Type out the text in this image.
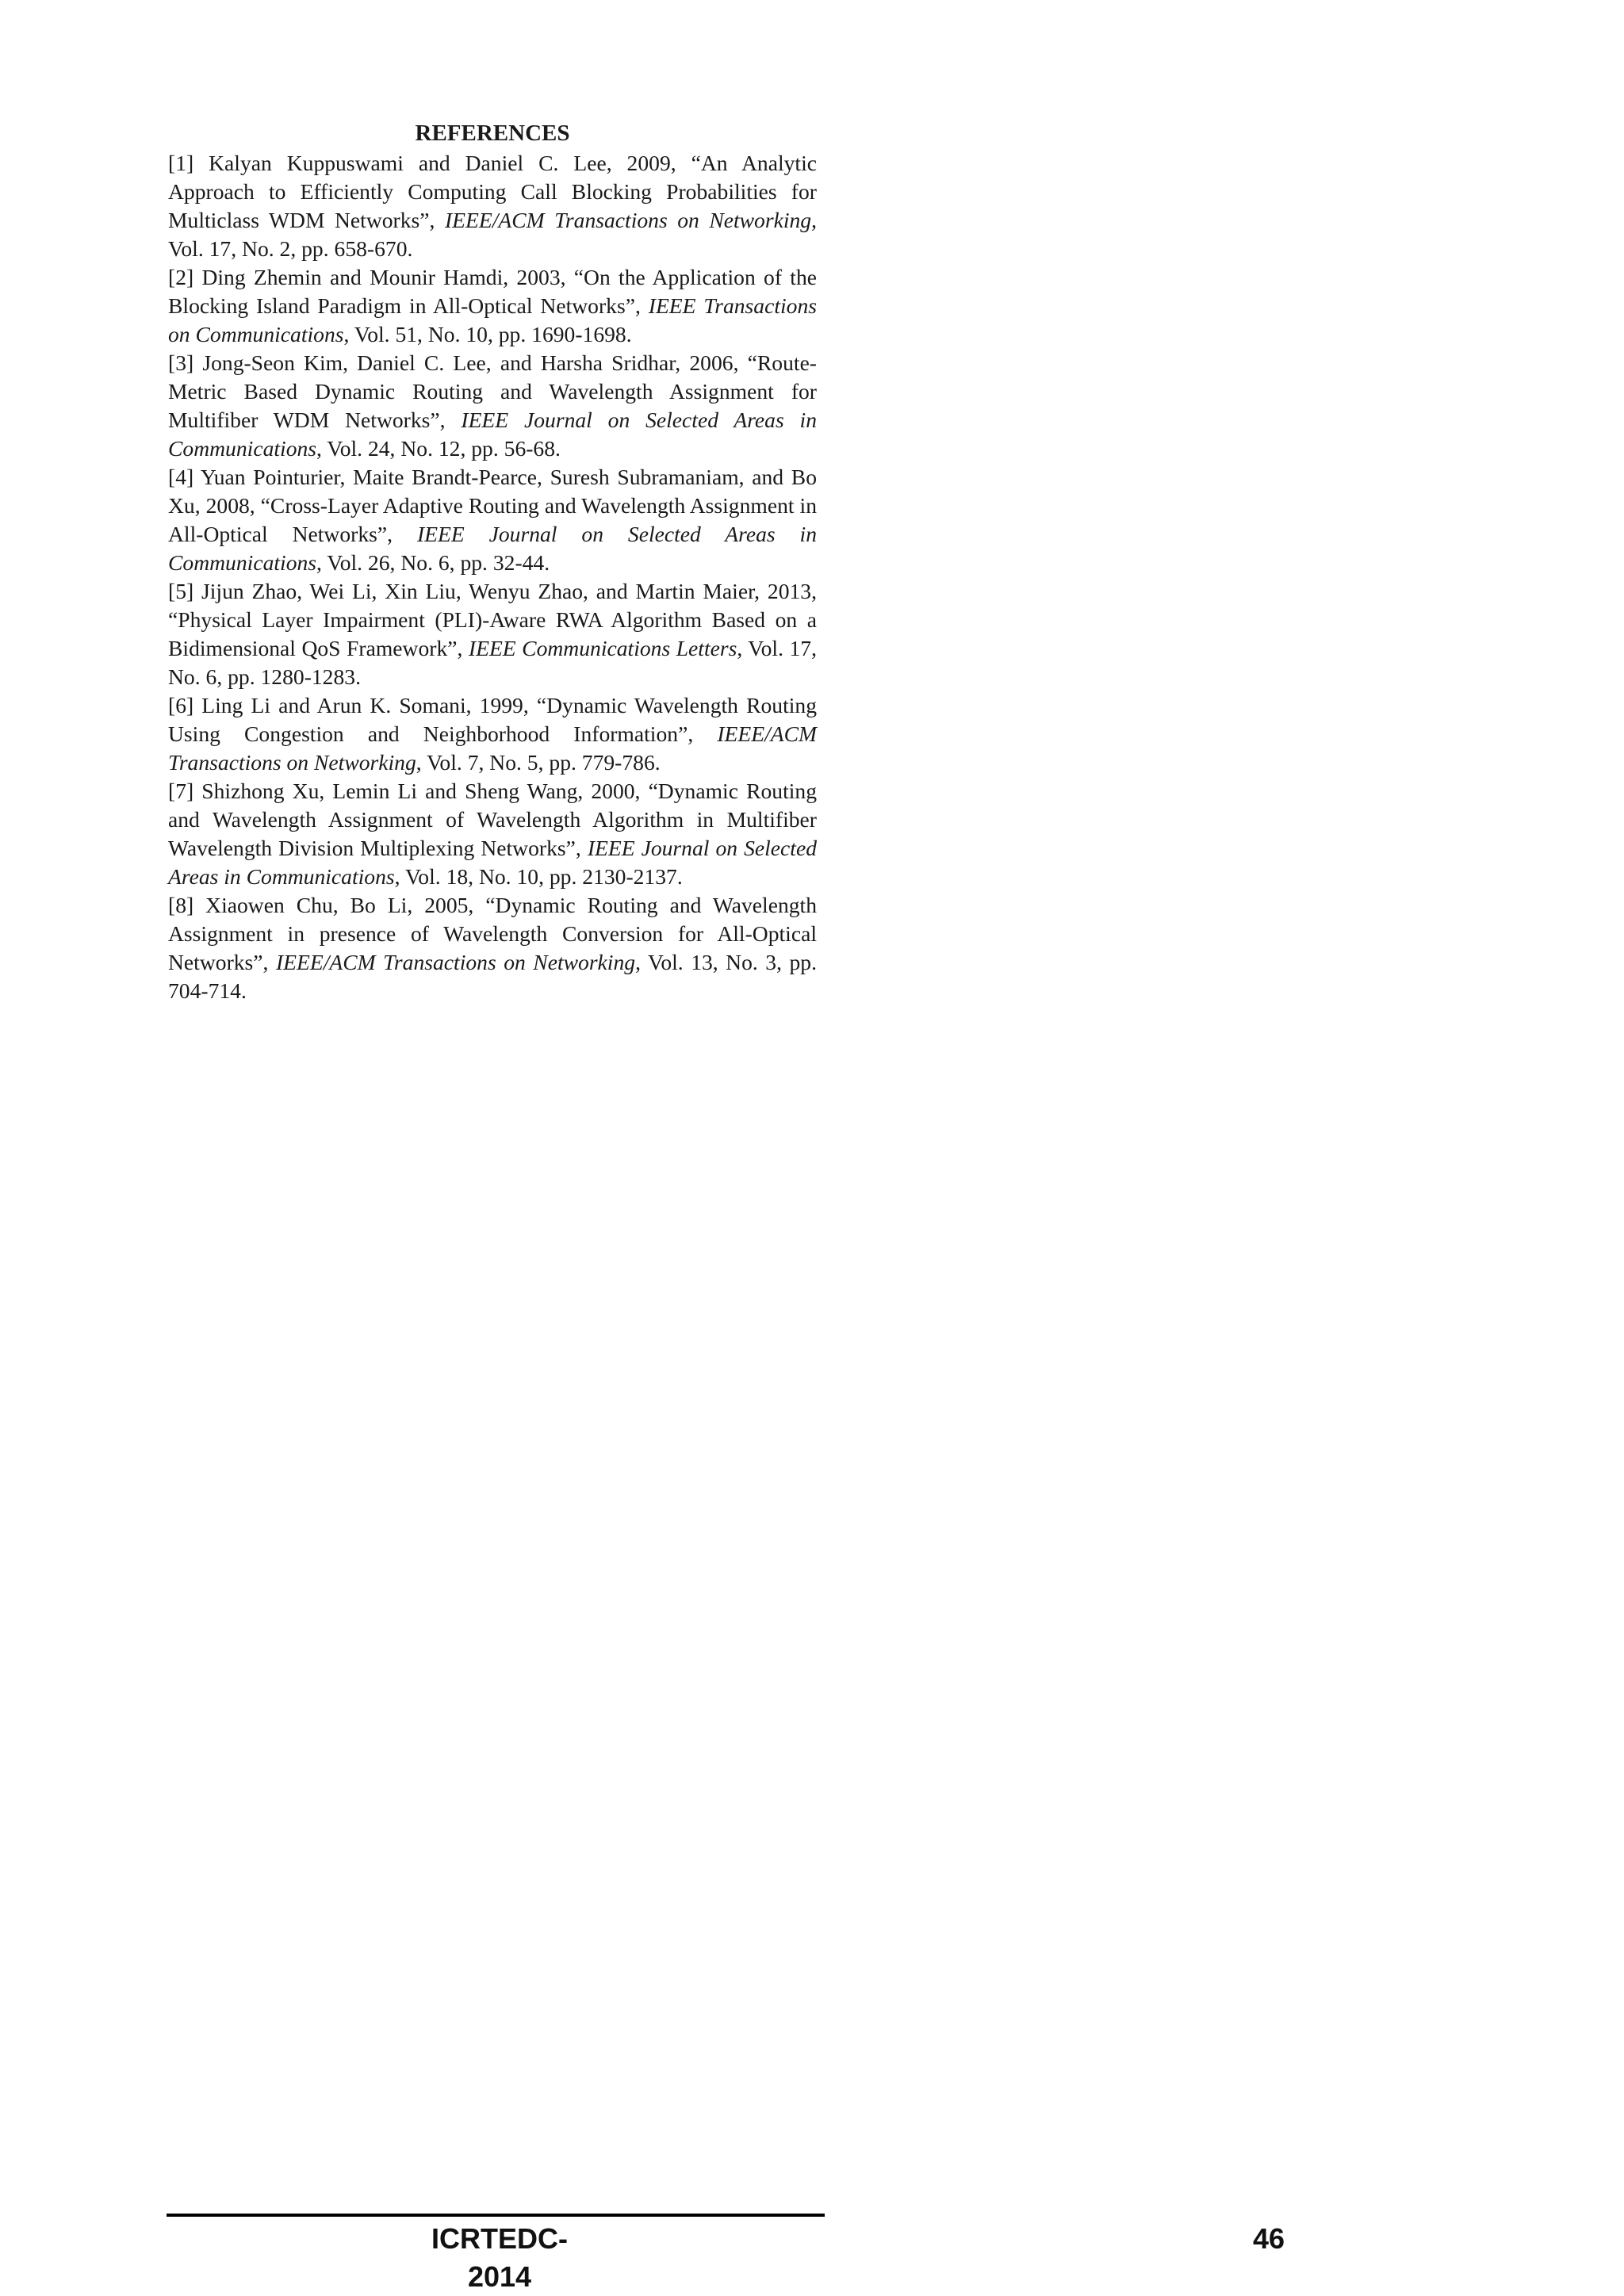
REFERENCES

[1] Kalyan Kuppuswami and Daniel C. Lee, 2009, “An Analytic Approach to Efficiently Computing Call Blocking Probabilities for Multiclass WDM Networks”, IEEE/ACM Transactions on Networking, Vol. 17, No. 2, pp. 658-670.

[2] Ding Zhemin and Mounir Hamdi, 2003, “On the Application of the Blocking Island Paradigm in All-Optical Networks”, IEEE Transactions on Communications, Vol. 51, No. 10, pp. 1690-1698.

[3] Jong-Seon Kim, Daniel C. Lee, and Harsha Sridhar, 2006, “Route-Metric Based Dynamic Routing and Wavelength Assignment for Multifiber WDM Networks”, IEEE Journal on Selected Areas in Communications, Vol. 24, No. 12, pp. 56-68.

[4] Yuan Pointurier, Maite Brandt-Pearce, Suresh Subramaniam, and Bo Xu, 2008, “Cross-Layer Adaptive Routing and Wavelength Assignment in All-Optical Networks”, IEEE Journal on Selected Areas in Communications, Vol. 26, No. 6, pp. 32-44.

[5] Jijun Zhao, Wei Li, Xin Liu, Wenyu Zhao, and Martin Maier, 2013, “Physical Layer Impairment (PLI)-Aware RWA Algorithm Based on a Bidimensional QoS Framework”, IEEE Communications Letters, Vol. 17, No. 6, pp. 1280-1283.

[6] Ling Li and Arun K. Somani, 1999, “Dynamic Wavelength Routing Using Congestion and Neighborhood Information”, IEEE/ACM Transactions on Networking, Vol. 7, No. 5, pp. 779-786.

[7] Shizhong Xu, Lemin Li and Sheng Wang, 2000, “Dynamic Routing and Wavelength Assignment of Wavelength Algorithm in Multifiber Wavelength Division Multiplexing Networks”, IEEE Journal on Selected Areas in Communications, Vol. 18, No. 10, pp. 2130-2137.

[8] Xiaowen Chu, Bo Li, 2005, “Dynamic Routing and Wavelength Assignment in presence of Wavelength Conversion for All-Optical Networks”, IEEE/ACM Transactions on Networking, Vol. 13, No. 3, pp. 704-714.

ICRTEDC-2014
46
